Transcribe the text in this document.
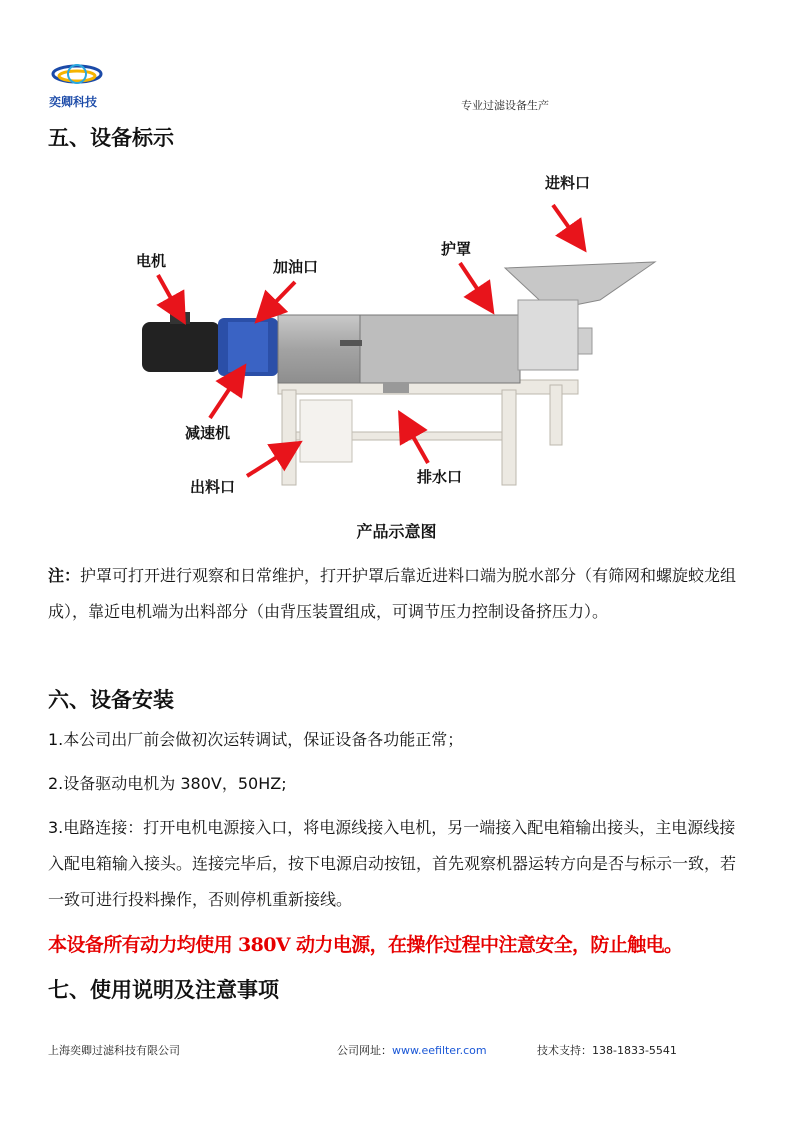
奕卿科技	专业过滤设备生产
五、设备标示
电机	加油口
护罩
进料口
减速机
出料口
排水口
产品示意图
注：护罩可打开进行观察和日常维护，打开护罩后靠近进料口端为脱水部分（有筛网和螺旋蛟龙组成），靠近电机端为出料部分（由背压装置组成，可调节压力控制设备挤压力）。
六、设备安装
1.本公司出厂前会做初次运转调试，保证设备各功能正常；
2.设备驱动电机为 380V，50HZ;
3.电路连接：打开电机电源接入口，将电源线接入电机，另一端接入配电箱输出接头，主电源线接入配电箱输入接头。连接完毕后，按下电源启动按钮，首先观察机器运转方向是否与标示一致，若一致可进行投料操作，否则停机重新接线。
本设备所有动力均使用 380V 动力电源，在操作过程中注意安全，防止触电。
七、使用说明及注意事项
上海奕卿过滤科技有限公司	公司网址：www.eefilter.com	技术支持：138-1833-5541
